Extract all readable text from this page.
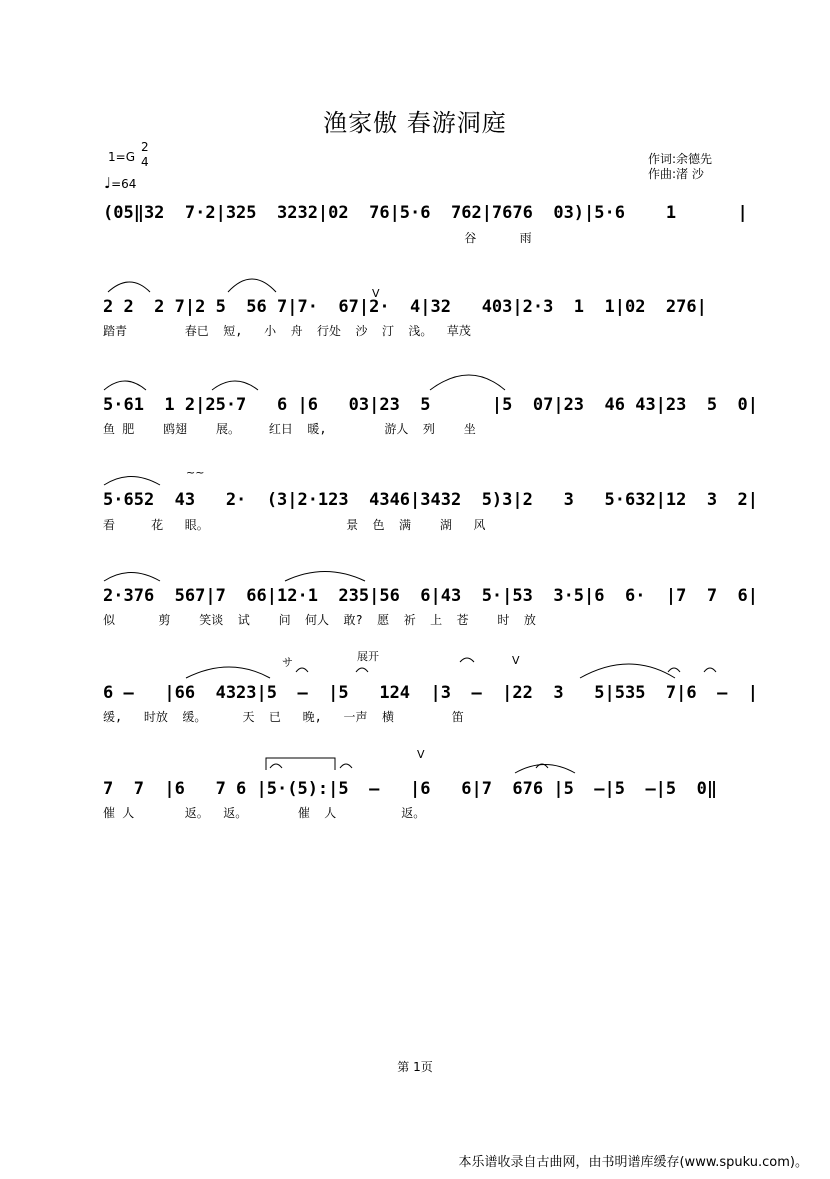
渔家傲 春游洞庭
1=G
2
4
♩=64
作词:余德先
作曲:渚 沙
(05‖32  7·2|325  3232|02  76|5·6  762|7676  03)|5·6    1      |
谷      雨
2 2  2 7|2 5  56 7|7·  67|2·  4|32   403|2·3  1  1|02  276|
踏青        春已  短,   小  舟  行处  沙  汀  浅。  草茂
5·61  1 2|25·7   6 |6   03|23  5      |5  07|23  46 43|23  5  0|
鱼 肥    鸥翅    展。    红日  暖,        游人  列    坐
5·652  43   2·  (3|2·123  4346|3432  5)3|2   3   5·632|12  3  2|
看     花   眼。                   景  色  满    湖   风
2·376  567|7  66|12·1  235|56  6|43  5·|53  3·5|6  6·  |7  7  6|
似      剪    笑谈  试    问  何人  敢?  愿  祈  上  苍    时  放
6 —   |66  4323|5  —  |5   124  |3  —  |22  3   5|535  7|6  —  |
缓,   时放  缓。     天  已   晚,   一声  横        笛
7  7  |6   7 6 |5·(5):|5  —   |6   6|7  676 |5  —|5  —|5  0‖
催 人       返。  返。       催  人         返。
V
V
V
展开
サ
~~
第 1页
本乐谱收录自古曲网，由书明谱库缓存(www.spuku.com)。
